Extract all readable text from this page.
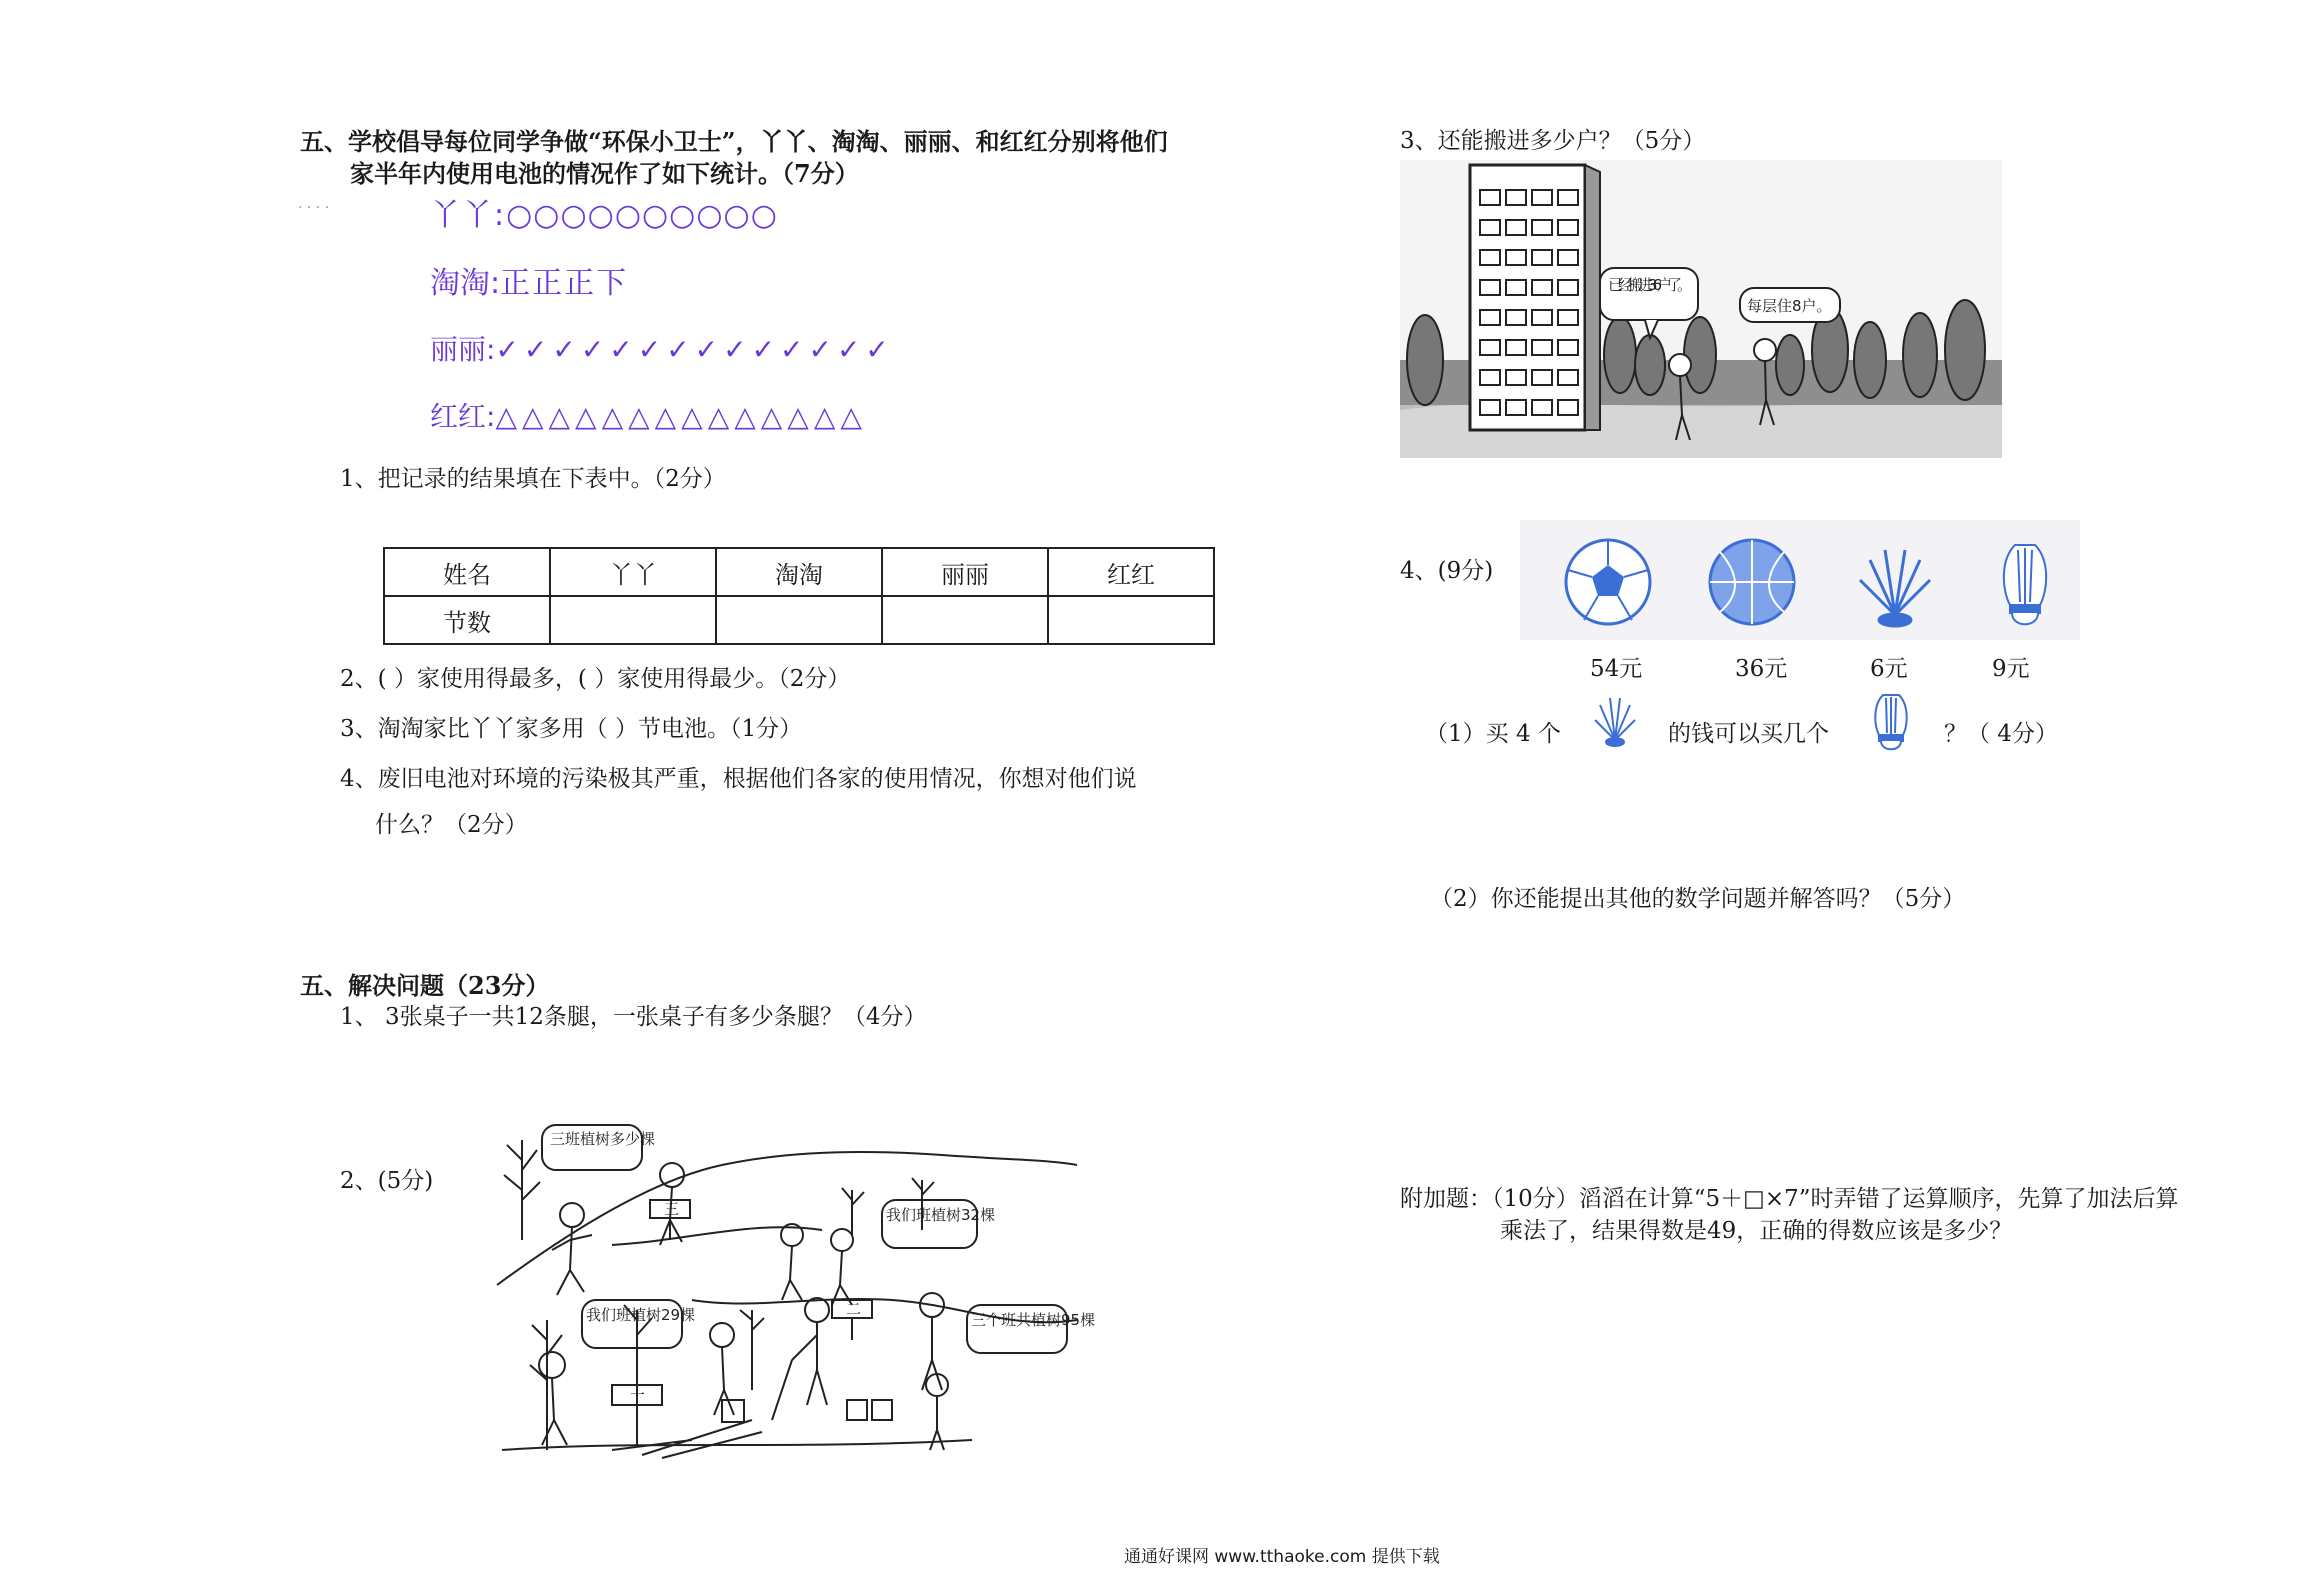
五、学校倡导每位同学争做“环保小卫士”，丫丫、淘淘、丽丽、和红红分别将他们
家半年内使用电池的情况作了如下统计。（7分）
· · · ·	丫丫:○○○○○○○○○○
淘淘:正正正下
丽丽:✓✓✓✓✓✓✓✓✓✓✓✓✓✓
红红:△△△△△△△△△△△△△△
1、把记录的结果填在下表中。（2分）
姓名	丫丫	淘淘	丽丽	红红
节数				
2、( ）家使用得最多，( ）家使用得最少。（2分）
3、淘淘家比丫丫家多用（ ）节电池。（1分）
4、废旧电池对环境的污染极其严重，根据他们各家的使用情况，你想对他们说
什么？（2分）
五、解决问题（23分）
1、 3张桌子一共12条腿，一张桌子有多少条腿？（4分）
2、(5分)
三班植树多少棵
我们班植树32棵
我们班植树29棵	三个班共植树95棵
三
二
一
3、还能搬进多少户？（5分）
已经搬进36户了。
每层住8户。
4、(9分)
54元	36元	6元	9元
（1）买 4 个	的钱可以买几个	？（ 4分）
（2）你还能提出其他的数学问题并解答吗？（5分）
附加题：（10分）滔滔在计算“5＋□×7”时弄错了运算顺序，先算了加法后算
乘法了，结果得数是49，正确的得数应该是多少？
通通好课网 www.tthaoke.com 提供下载
